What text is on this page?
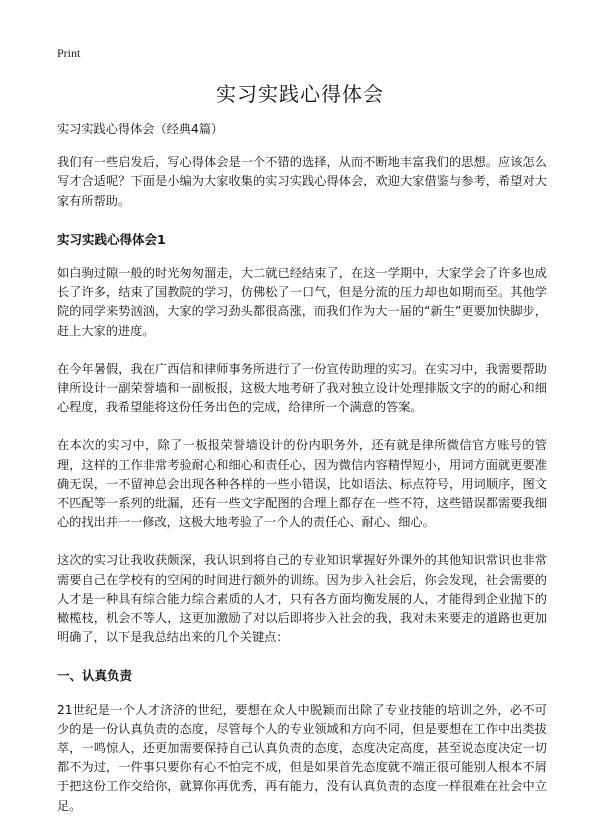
Print
实习实践心得体会

实习实践心得体会（经典4篇）

我们有一些启发后，写心得体会是一个不错的选择，从而不断地丰富我们的思想。应该怎么写才合适呢？下面是小编为大家收集的实习实践心得体会，欢迎大家借鉴与参考，希望对大家有所帮助。

实习实践心得体会1

如白驹过隙一般的时光匆匆溜走，大二就已经结束了，在这一学期中，大家学会了许多也成长了许多，结束了国教院的学习，仿佛松了一口气，但是分流的压力却也如期而至。其他学院的同学来势汹汹，大家的学习劲头都很高涨，而我们作为大一届的“新生”更要加快脚步，赶上大家的进度。

在今年暑假，我在广西信和律师事务所进行了一份宣传助理的实习。在实习中，我需要帮助律所设计一副荣誉墙和一副板报，这极大地考研了我对独立设计处理排版文字的的耐心和细心程度，我希望能将这份任务出色的完成，给律所一个满意的答案。

在本次的实习中，除了一板报荣誉墙设计的份内职务外，还有就是律所微信官方账号的管理，这样的工作非常考验耐心和细心和责任心，因为微信内容精悍短小，用词方面就更要准确无误，一不留神总会出现各种各样的一些小错误，比如语法、标点符号，用词顺序，图文不匹配等一系列的纰漏，还有一些文字配图的合理上都存在一些不符，这些错误都需要我细心的找出并一一修改，这极大地考验了一个人的责任心、耐心、细心。

这次的实习让我收获颇深，我认识到将自己的专业知识掌握好外课外的其他知识常识也非常需要自己在学校有的空闲的时间进行额外的训练。因为步入社会后，你会发现，社会需要的人才是一种具有综合能力综合素质的人才，只有各方面均衡发展的人，才能得到企业抛下的橄榄枝，机会不等人，这更加激励了对以后即将步入社会的我，我对未来要走的道路也更加明确了，以下是我总结出来的几个关键点：

一、认真负责

21世纪是一个人才济济的世纪，要想在众人中脱颖而出除了专业技能的培训之外，必不可少的是一份认真负责的态度，尽管每个人的专业领域和方向不同，但是要想在工作中出类拔萃，一鸣惊人，还更加需要保持自己认真负责的态度，态度决定高度，甚至说态度决定一切都不为过，一件事只要你有心不怕完不成，但是如果首先态度就不端正很可能别人根本不屑于把这份工作交给你，就算你再优秀，再有能力，没有认真负责的态度一样很难在社会中立足。
